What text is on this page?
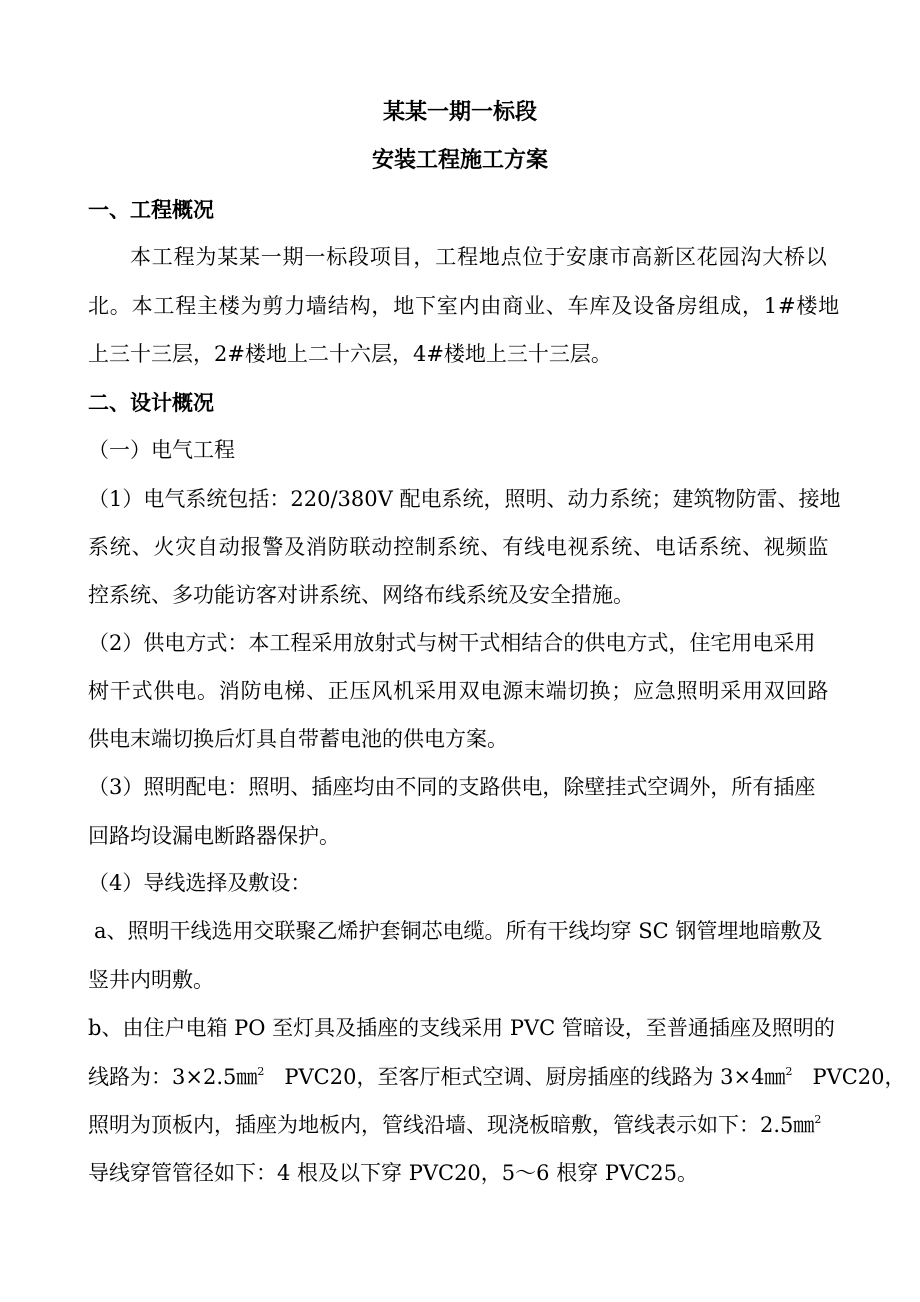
某某一期一标段
安装工程施工方案
一、工程概况
本工程为某某一期一标段项目，工程地点位于安康市高新区花园沟大桥以
北。本工程主楼为剪力墙结构，地下室内由商业、车库及设备房组成，1#楼地
上三十三层，2#楼地上二十六层，4#楼地上三十三层。
二、设计概况
（一）电气工程
（1）电气系统包括：220/380V 配电系统，照明、动力系统；建筑物防雷、接地
系统、火灾自动报警及消防联动控制系统、有线电视系统、电话系统、视频监
控系统、多功能访客对讲系统、网络布线系统及安全措施。
（2）供电方式：本工程采用放射式与树干式相结合的供电方式，住宅用电采用
树干式供电。消防电梯、正压风机采用双电源末端切换；应急照明采用双回路
供电末端切换后灯具自带蓄电池的供电方案。
（3）照明配电：照明、插座均由不同的支路供电，除壁挂式空调外，所有插座
回路均设漏电断路器保护。
（4）导线选择及敷设：
a、照明干线选用交联聚乙烯护套铜芯电缆。所有干线均穿 SC 钢管埋地暗敷及
竖井内明敷。
b、由住户电箱 PO 至灯具及插座的支线采用 PVC 管暗设，至普通插座及照明的
线路为：3×2.5㎜$^2$ PVC20，至客厅柜式空调、厨房插座的线路为 3×4㎜$^2$ PVC20，
照明为顶板内，插座为地板内，管线沿墙、现浇板暗敷，管线表示如下：2.5㎜$^2$
导线穿管管径如下：4 根及以下穿 PVC20，5～6 根穿 PVC25。
